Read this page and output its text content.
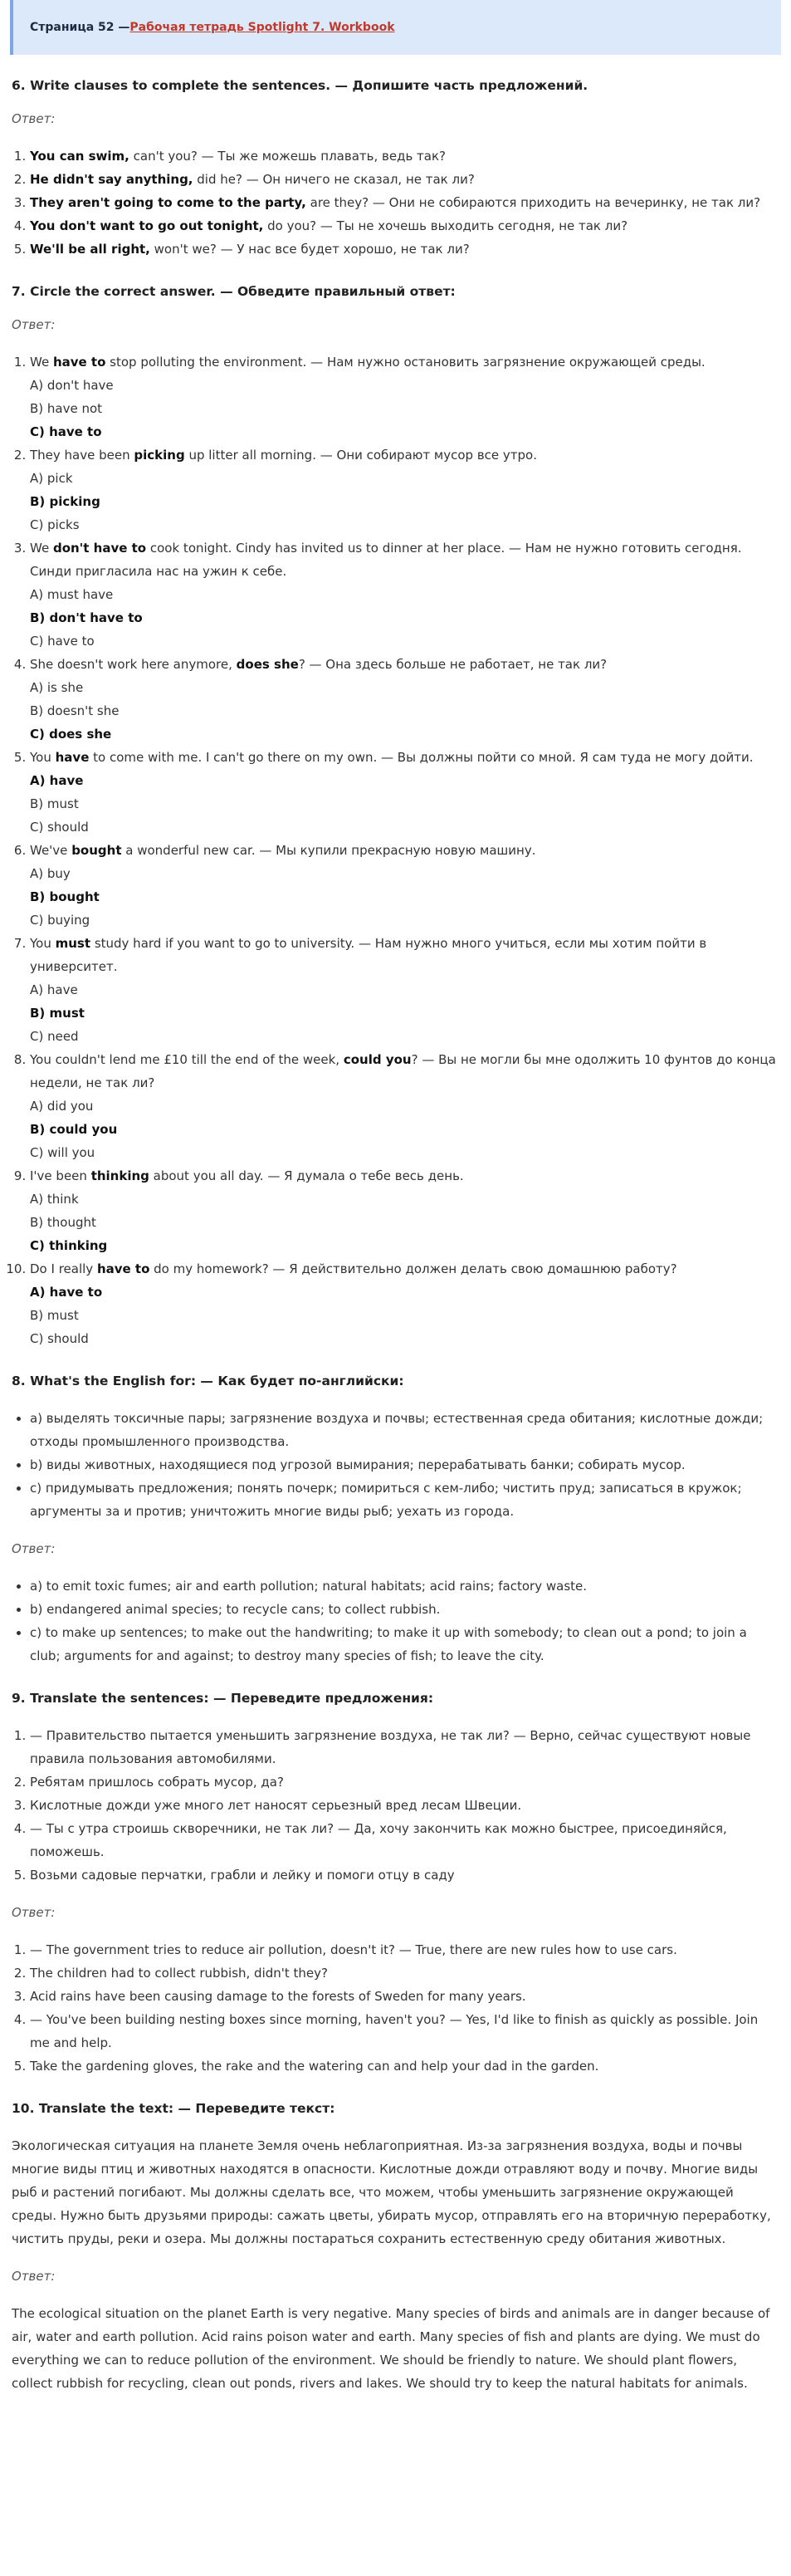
Страница 52 — Рабочая тетрадь Spotlight 7. Workbook
6. Write clauses to complete the sentences. — Допишите часть предложений.
Ответ:
1. You can swim, can't you? — Ты же можешь плавать, ведь так?
2. He didn't say anything, did he? — Он ничего не сказал, не так ли?
3. They aren't going to come to the party, are they? — Они не собираются приходить на вечеринку, не так ли?
4. You don't want to go out tonight, do you? — Ты не хочешь выходить сегодня, не так ли?
5. We'll be all right, won't we? — У нас все будет хорошо, не так ли?
7. Circle the correct answer. — Обведите правильный ответ:
Ответ:
1. We have to stop polluting the environment. — Нам нужно остановить загрязнение окружающей среды.
A) don't have
B) have not
C) have to
2. They have been picking up litter all morning. — Они собирают мусор все утро.
A) pick
B) picking
C) picks
3. We don't have to cook tonight. Cindy has invited us to dinner at her place. — Нам не нужно готовить сегодня. Синди пригласила нас на ужин к себе.
A) must have
B) don't have to
C) have to
4. She doesn't work here anymore, does she? — Она здесь больше не работает, не так ли?
A) is she
B) doesn't she
C) does she
5. You have to come with me. I can't go there on my own. — Вы должны пойти со мной. Я сам туда не могу дойти.
A) have
B) must
C) should
6. We've bought a wonderful new car. — Мы купили прекрасную новую машину.
A) buy
B) bought
C) buying
7. You must study hard if you want to go to university. — Нам нужно много учиться, если мы хотим пойти в университет.
A) have
B) must
C) need
8. You couldn't lend me £10 till the end of the week, could you? — Вы не могли бы мне одолжить 10 фунтов до конца недели, не так ли?
A) did you
B) could you
C) will you
9. I've been thinking about you all day. — Я думала о тебе весь день.
A) think
B) thought
C) thinking
10. Do I really have to do my homework? — Я действительно должен делать свою домашнюю работу?
A) have to
B) must
C) should
8. What's the English for: — Как будет по-английски:
• a) выделять токсичные пары; загрязнение воздуха и почвы; естественная среда обитания; кислотные дожди; отходы промышленного производства.
• b) виды животных, находящиеся под угрозой вымирания; перерабатывать банки; собирать мусор.
• c) придумывать предложения; понять почерк; помириться с кем-либо; чистить пруд; записаться в кружок; аргументы за и против; уничтожить многие виды рыб; уехать из города.
Ответ:
• a) to emit toxic fumes; air and earth pollution; natural habitats; acid rains; factory waste.
• b) endangered animal species; to recycle cans; to collect rubbish.
• c) to make up sentences; to make out the handwriting; to make it up with somebody; to clean out a pond; to join a club; arguments for and against; to destroy many species of fish; to leave the city.
9. Translate the sentences: — Переведите предложения:
1. — Правительство пытается уменьшить загрязнение воздуха, не так ли? — Верно, сейчас существуют новые правила пользования автомобилями.
2. Ребятам пришлось собрать мусор, да?
3. Кислотные дожди уже много лет наносят серьезный вред лесам Швеции.
4. — Ты с утра строишь скворечники, не так ли? — Да, хочу закончить как можно быстрее, присоединяйся, поможешь.
5. Возьми садовые перчатки, грабли и лейку и помоги отцу в саду
Ответ:
1. — The government tries to reduce air pollution, doesn't it? — True, there are new rules how to use cars.
2. The children had to collect rubbish, didn't they?
3. Acid rains have been causing damage to the forests of Sweden for many years.
4. — You've been building nesting boxes since morning, haven't you? — Yes, I'd like to finish as quickly as possible. Join me and help.
5. Take the gardening gloves, the rake and the watering can and help your dad in the garden.
10. Translate the text: — Переведите текст:

Экологическая ситуация на планете Земля очень неблагоприятная. Из-за загрязнения воздуха, воды и почвы многие виды птиц и животных находятся в опасности. Кислотные дожди отравляют воду и почву. Многие виды рыб и растений погибают. Мы должны сделать все, что можем, чтобы уменьшить загрязнение окружающей среды. Нужно быть друзьями природы: сажать цветы, убирать мусор, отправлять его на вторичную переработку, чистить пруды, реки и озера. Мы должны постараться сохранить естественную среду обитания животных.

Ответ:

The ecological situation on the planet Earth is very negative. Many species of birds and animals are in danger because of air, water and earth pollution. Acid rains poison water and earth. Many species of fish and plants are dying. We must do everything we can to reduce pollution of the environment. We should be friendly to nature. We should plant flowers, collect rubbish for recycling, clean out ponds, rivers and lakes. We should try to keep the natural habitats for animals.
